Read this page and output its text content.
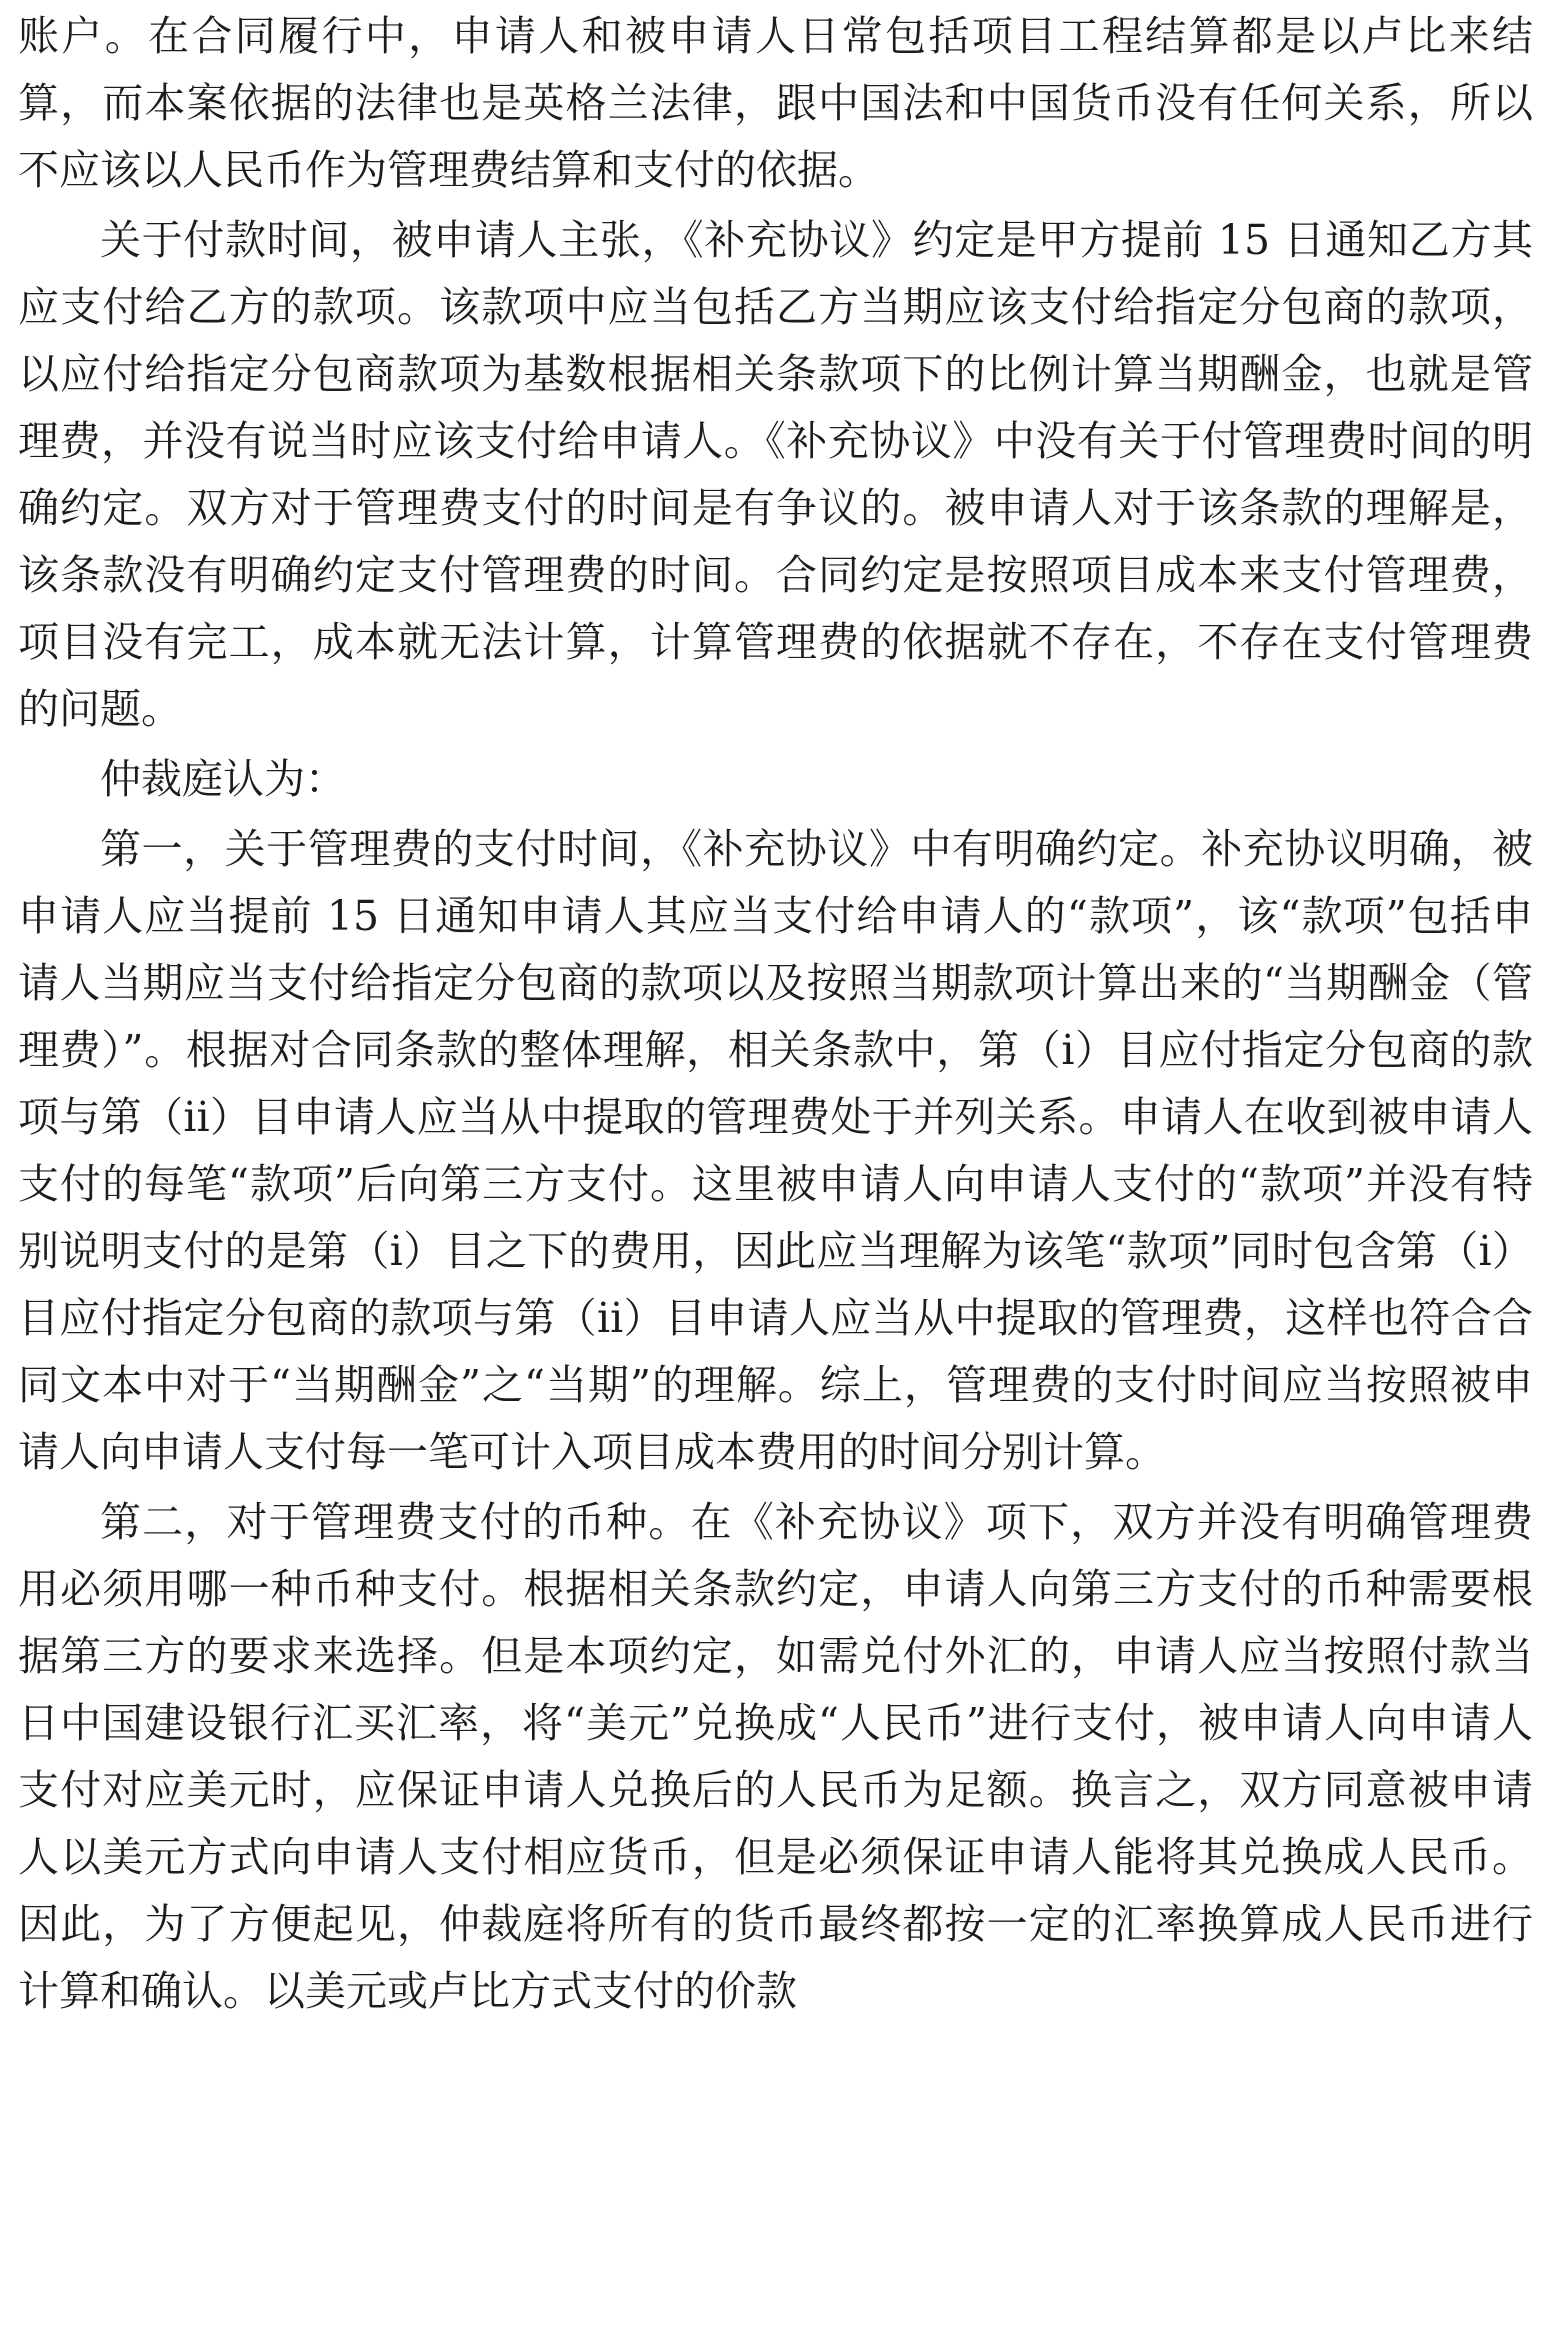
账户。在合同履行中，申请人和被申请人日常包括项目工程结算都是以卢比来结算，而本案依据的法律也是英格兰法律，跟中国法和中国货币没有任何关系，所以不应该以人民币作为管理费结算和支付的依据。

关于付款时间，被申请人主张，《补充协议》约定是甲方提前 15 日通知乙方其应支付给乙方的款项。该款项中应当包括乙方当期应该支付给指定分包商的款项，以应付给指定分包商款项为基数根据相关条款项下的比例计算当期酬金，也就是管理费，并没有说当时应该支付给申请人。《补充协议》中没有关于付管理费时间的明确约定。双方对于管理费支付的时间是有争议的。被申请人对于该条款的理解是，该条款没有明确约定支付管理费的时间。合同约定是按照项目成本来支付管理费，项目没有完工，成本就无法计算，计算管理费的依据就不存在，不存在支付管理费的问题。

仲裁庭认为：

第一，关于管理费的支付时间，《补充协议》中有明确约定。补充协议明确，被申请人应当提前 15 日通知申请人其应当支付给申请人的“款项”，该“款项”包括申请人当期应当支付给指定分包商的款项以及按照当期款项计算出来的“当期酬金（管理费）”。根据对合同条款的整体理解，相关条款中，第（i）目应付指定分包商的款项与第（ii）目申请人应当从中提取的管理费处于并列关系。申请人在收到被申请人支付的每笔“款项”后向第三方支付。这里被申请人向申请人支付的“款项”并没有特别说明支付的是第（i）目之下的费用，因此应当理解为该笔“款项”同时包含第（i）目应付指定分包商的款项与第（ii）目申请人应当从中提取的管理费，这样也符合合同文本中对于“当期酬金”之“当期”的理解。综上，管理费的支付时间应当按照被申请人向申请人支付每一笔可计入项目成本费用的时间分别计算。

第二，对于管理费支付的币种。在《补充协议》项下，双方并没有明确管理费用必须用哪一种币种支付。根据相关条款约定，申请人向第三方支付的币种需要根据第三方的要求来选择。但是本项约定，如需兑付外汇的，申请人应当按照付款当日中国建设银行汇买汇率，将“美元”兑换成“人民币”进行支付，被申请人向申请人支付对应美元时，应保证申请人兑换后的人民币为足额。换言之，双方同意被申请人以美元方式向申请人支付相应货币，但是必须保证申请人能将其兑换成人民币。因此，为了方便起见，仲裁庭将所有的货币最终都按一定的汇率换算成人民币进行计算和确认。以美元或卢比方式支付的价款
